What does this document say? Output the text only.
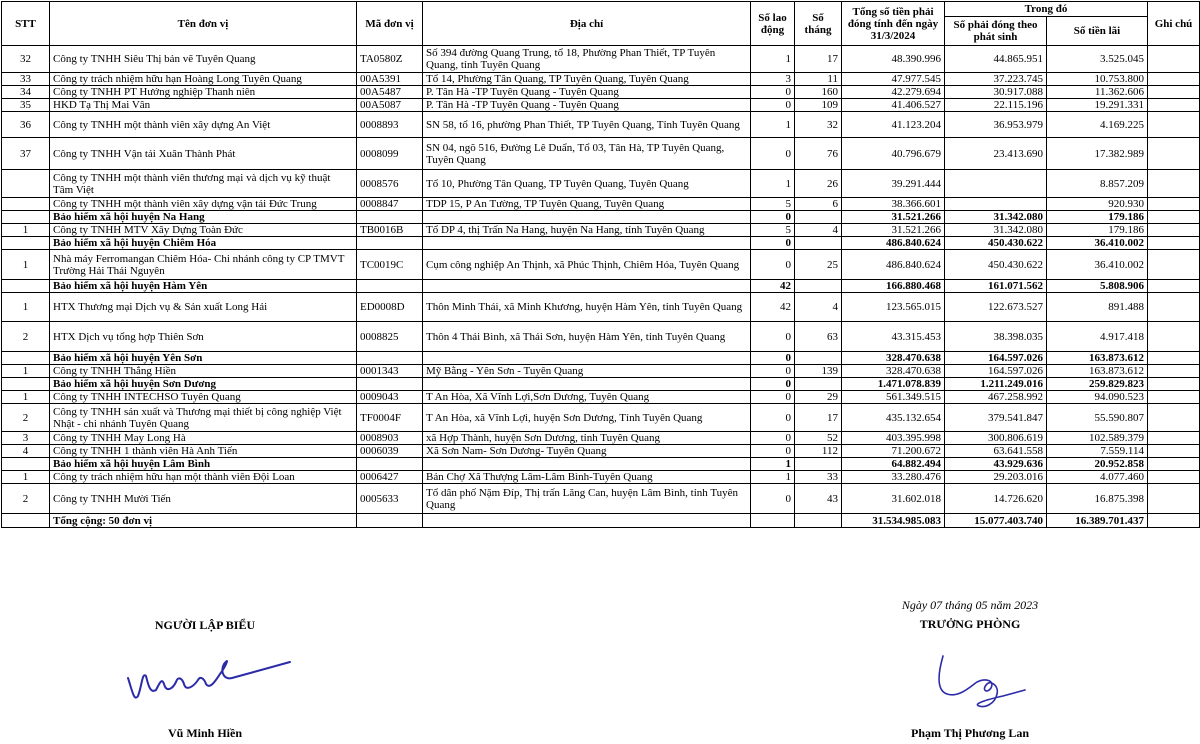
STT	Tên đơn vị	Mã đơn vị	Địa chỉ	Số lao động	Số tháng	Tổng số tiền phải đóng tính đến ngày 31/3/2024	Trong đó		Ghi chú
							Số phải đóng theo phát sinh	Số tiền lãi	
32	Công ty TNHH Siêu Thị bản vẽ Tuyên Quang	TA0580Z	Số 394 đường Quang Trung, tổ 18, Phường Phan Thiết, TP Tuyên Quang, tỉnh Tuyên Quang	1	17	48.390.996	44.865.951	3.525.045	
33	Công ty trách nhiệm hữu hạn Hoàng Long Tuyên Quang	00A5391	Tổ 14, Phường Tân Quang, TP Tuyên Quang, Tuyên Quang	3	11	47.977.545	37.223.745	10.753.800	
34	Công ty TNHH PT Hướng nghiệp Thanh niên	00A5487	P. Tân Hà -TP Tuyên Quang - Tuyên Quang	0	160	42.279.694	30.917.088	11.362.606	
35	HKD Tạ Thị Mai Vân	00A5087	P. Tân Hà -TP Tuyên Quang - Tuyên Quang	0	109	41.406.527	22.115.196	19.291.331	
36	Công ty TNHH một thành viên xây dựng An Việt	0008893	SN 58, tổ 16, phường Phan Thiết, TP Tuyên Quang, Tỉnh Tuyên Quang	1	32	41.123.204	36.953.979	4.169.225	
37	Công ty TNHH Vận tải Xuân Thành Phát	0008099	SN 04, ngõ 516, Đường Lê Duẩn, Tổ 03, Tân Hà, TP Tuyên Quang, Tuyên Quang	0	76	40.796.679	23.413.690	17.382.989	
	Công ty TNHH một thành viên thương mại và dịch vụ kỹ thuật Tâm Việt	0008576	Tổ 10, Phường Tân Quang, TP Tuyên Quang, Tuyên Quang	1	26	39.291.444		8.857.209	
	Công ty TNHH một thành viên xây dựng vận tải Đức Trung	0008847	TDP 15, P An Tường, TP Tuyên Quang, Tuyên Quang	5	6	38.366.601		920.930	
	Bảo hiểm xã hội huyện Na Hang			0		31.521.266	31.342.080	179.186	
1	Công ty TNHH MTV Xây Dựng Toàn Đức	TB0016B	Tổ DP 4, thị Trấn Na Hang, huyện Na Hang, tỉnh Tuyên Quang	5	4	31.521.266	31.342.080	179.186	
	Bảo hiểm xã hội huyện Chiêm Hóa			0		486.840.624	450.430.622	36.410.002	
1	Nhà máy Ferromangan Chiêm Hóa- Chi nhánh công ty CP TMVT Trường Hải Thái Nguyên	TC0019C	Cụm công nghiệp An Thịnh, xã Phúc Thịnh, Chiêm Hóa, Tuyên Quang	0	25	486.840.624	450.430.622	36.410.002	
	Bảo hiểm xã hội huyện Hàm Yên			42		166.880.468	161.071.562	5.808.906	
1	HTX Thương mại Dịch vụ & Sản xuất Long Hải	ED0008D	Thôn Minh Thái, xã Minh Khương, huyện Hàm Yên, tỉnh Tuyên Quang	42	4	123.565.015	122.673.527	891.488	
2	HTX Dịch vụ tổng hợp Thiên Sơn	0008825	Thôn 4 Thái Bình, xã Thái Sơn, huyện Hàm Yên, tỉnh Tuyên Quang	0	63	43.315.453	38.398.035	4.917.418	
	Bảo hiểm xã hội huyện Yên Sơn			0		328.470.638	164.597.026	163.873.612	
1	Công ty TNHH Thắng Hiền	0001343	Mỹ Bằng - Yên Sơn - Tuyên Quang	0	139	328.470.638	164.597.026	163.873.612	
	Bảo hiểm xã hội huyện Sơn Dương			0		1.471.078.839	1.211.249.016	259.829.823	
1	Công ty TNHH INTECHSO Tuyên Quang	0009043	T An Hòa, Xã Vĩnh Lợi,Sơn Dương, Tuyên Quang	0	29	561.349.515	467.258.992	94.090.523	
2	Công ty TNHH sản xuất và Thương mại thiết bị công nghiệp Việt Nhật - chi nhánh Tuyên Quang	TF0004F	T An Hòa, xã Vĩnh Lợi, huyện Sơn Dương, Tỉnh Tuyên Quang	0	17	435.132.654	379.541.847	55.590.807	
3	Công ty TNHH May Long Hà	0008903	xã Hợp Thành, huyện Sơn Dương, tỉnh Tuyên Quang	0	52	403.395.998	300.806.619	102.589.379	
4	Công ty TNHH 1 thành viên Hà Anh Tiến	0006039	Xã Sơn Nam- Sơn Dương- Tuyên Quang	0	112	71.200.672	63.641.558	7.559.114	
	Bảo hiểm xã hội huyện Lâm Bình			1		64.882.494	43.929.636	20.952.858	
1	Công ty trách nhiệm hữu hạn một thành viên Đội Loan	0006427	Bản Chợ Xã Thượng Lâm-Lâm Bình-Tuyên Quang	1	33	33.280.476	29.203.016	4.077.460	
2	Công ty TNHH Mười Tiến	0005633	Tổ dân phố Nặm Đíp, Thị trấn Lăng Can, huyện Lâm Bình, tỉnh Tuyên Quang	0	43	31.602.018	14.726.620	16.875.398	
	Tổng cộng: 50 đơn vị					31.534.985.083	15.077.403.740	16.389.701.437	
NGƯỜI LẬP BIỂU
Vũ Minh Hiền
Ngày 07 tháng 05 năm 2023
TRƯỞNG PHÒNG
Phạm Thị Phương Lan
